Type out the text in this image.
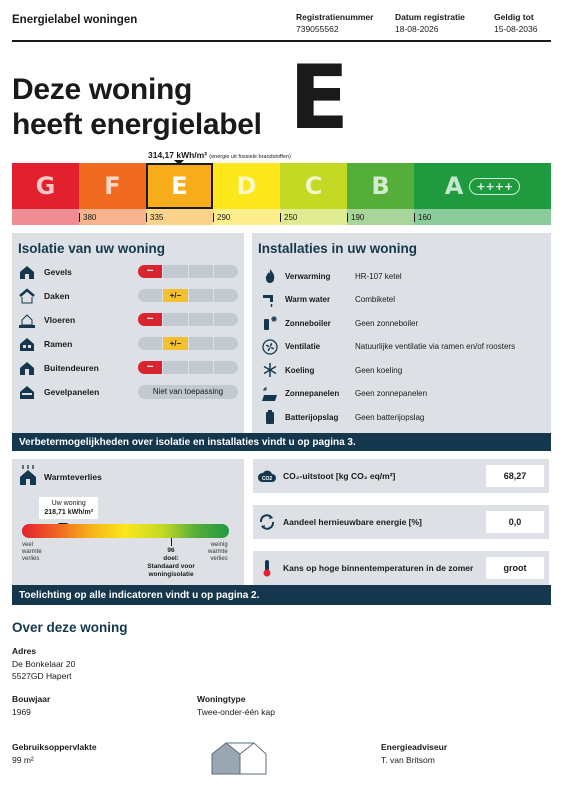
Energielabel woningen	Registratienummer
739055562
Datum registratie
18-08-2026
Geldig tot
15-08-2036
Deze woning
heeft energielabel E
314,17 kWh/m² (energie uit fossiele brandstoffen)
G F E D C B A	++++
380	335	290	250	190	160
Isolatie van uw woning
Gevels	−
Daken	+/−
Vloeren	−
Ramen	+/−
Buitendeuren	−
Gevelpanelen	Niet van toepassing
Installaties in uw woning
Verwarming	HR-107 ketel
Warm water	Combiketel
Zonneboiler	Geen zonneboiler
Ventilatie	Natuurlijke ventilatie via ramen en/of roosters
Koeling	Geen koeling
Zonnepanelen	Geen zonnepanelen
Batterijopslag	Geen batterijopslag
Verbetermogelijkheden over isolatie en installaties vindt u op pagina 3.
Warmteverlies
Uw woning
218,71 kWh/m²
veel
warmte
verlies
96
doel:
Standaard voor
woningisolatie
weinig
warmte
verlies
CO2 CO₂-uitstoot [kg CO₂ eq/m²]	68,27
Aandeel hernieuwbare energie [%]	0,0
Kans op hoge binnentemperaturen in de zomer	groot
Toelichting op alle indicatoren vindt u op pagina 2.
Over deze woning
Adres
De Bonkelaar 20
5527GD Hapert
Bouwjaar
1969
Woningtype
Twee-onder-één kap
Gebruiksoppervlakte
99 m²
Energieadviseur
T. van Britsom
